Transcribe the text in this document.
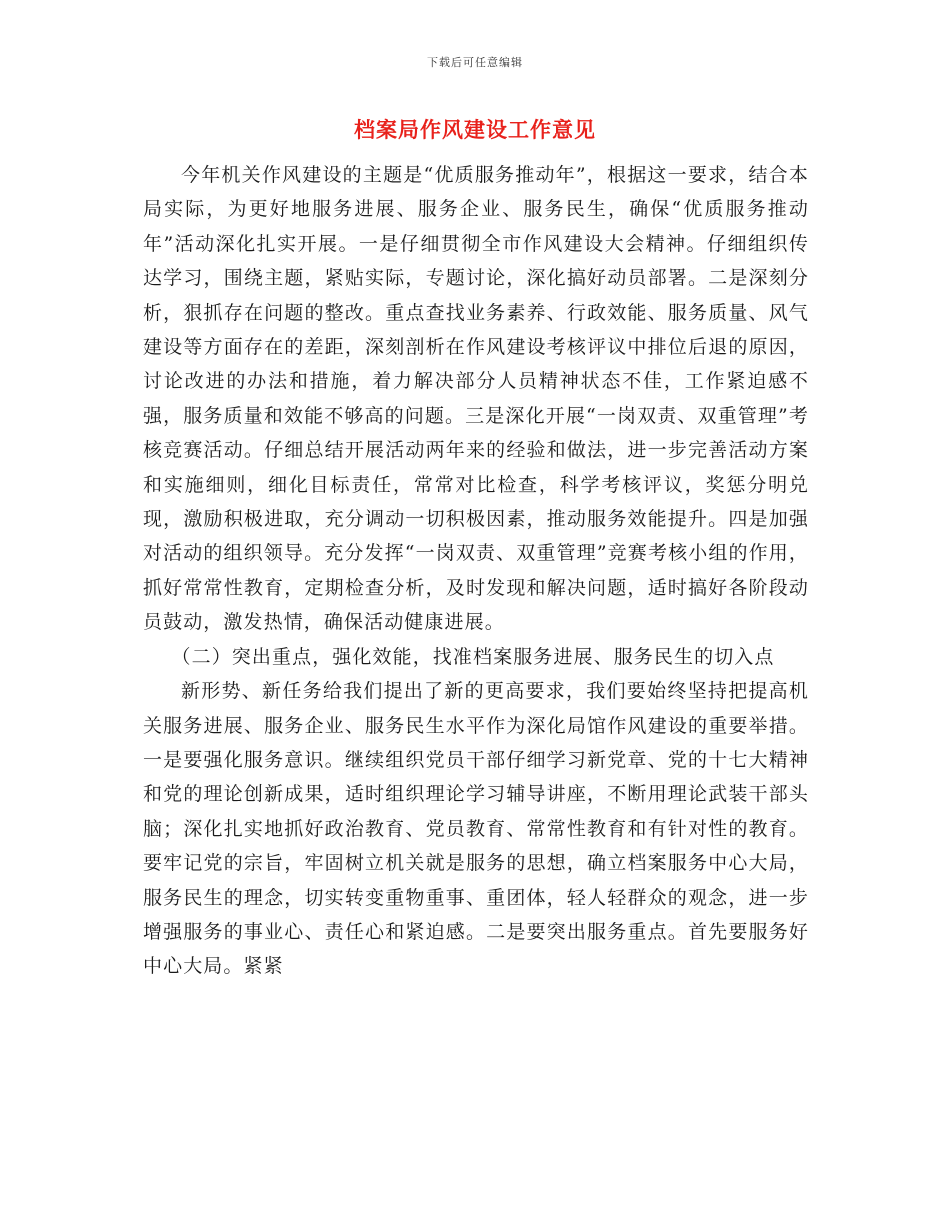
下载后可任意编辑
档案局作风建设工作意见

今年机关作风建设的主题是“优质服务推动年”，根据这一要求，结合本局实际，为更好地服务进展、服务企业、服务民生，确保“优质服务推动年”活动深化扎实开展。一是仔细贯彻全市作风建设大会精神。仔细组织传达学习，围绕主题，紧贴实际，专题讨论，深化搞好动员部署。二是深刻分析，狠抓存在问题的整改。重点查找业务素养、行政效能、服务质量、风气建设等方面存在的差距，深刻剖析在作风建设考核评议中排位后退的原因，讨论改进的办法和措施，着力解决部分人员精神状态不佳，工作紧迫感不强，服务质量和效能不够高的问题。三是深化开展“一岗双责、双重管理”考核竞赛活动。仔细总结开展活动两年来的经验和做法，进一步完善活动方案和实施细则，细化目标责任，常常对比检查，科学考核评议，奖惩分明兑现，激励积极进取，充分调动一切积极因素，推动服务效能提升。四是加强对活动的组织领导。充分发挥“一岗双责、双重管理”竞赛考核小组的作用，抓好常常性教育，定期检查分析，及时发现和解决问题，适时搞好各阶段动员鼓动，激发热情，确保活动健康进展。

（二）突出重点，强化效能，找准档案服务进展、服务民生的切入点

新形势、新任务给我们提出了新的更高要求，我们要始终坚持把提高机关服务进展、服务企业、服务民生水平作为深化局馆作风建设的重要举措。一是要强化服务意识。继续组织党员干部仔细学习新党章、党的十七大精神和党的理论创新成果，适时组织理论学习辅导讲座，不断用理论武装干部头脑；深化扎实地抓好政治教育、党员教育、常常性教育和有针对性的教育。要牢记党的宗旨，牢固树立机关就是服务的思想，确立档案服务中心大局，服务民生的理念，切实转变重物重事、重团体，轻人轻群众的观念，进一步增强服务的事业心、责任心和紧迫感。二是要突出服务重点。首先要服务好中心大局。紧紧
